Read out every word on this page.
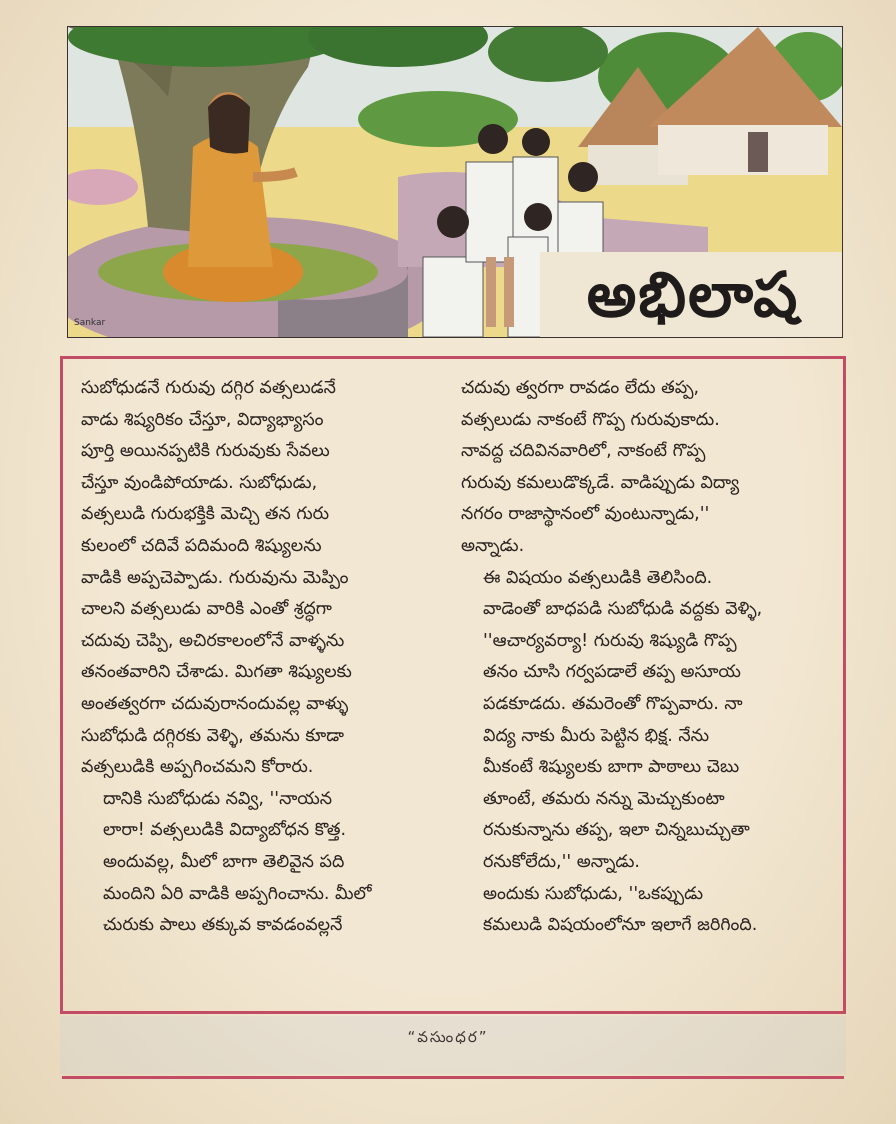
Sankar	అభిలాష

సుబోధుడనే గురువు దగ్గిర వత్సలుడనే
వాడు శిష్యరికం చేస్తూ, విద్యాభ్యాసం
పూర్తి అయినప్పటికి గురువుకు సేవలు
చేస్తూ వుండిపోయాడు. సుబోధుడు,
వత్సలుడి గురుభక్తికి మెచ్చి తన గురు
కులంలో చదివే పదిమంది శిష్యులను
వాడికి అప్పచెప్పాడు. గురువును మెప్పిం
చాలని వత్సలుడు వారికి ఎంతో శ్రద్ధగా
చదువు చెప్పి, అచిరకాలంలోనే వాళ్ళను
తనంతవారిని చేశాడు. మిగతా శిష్యులకు
అంతత్వరగా చదువురానందువల్ల వాళ్ళు
సుబోధుడి దగ్గిరకు వెళ్ళి, తమను కూడా
వత్సలుడికి అప్పగించమని కోరారు.

దానికి సుబోధుడు నవ్వి, ''నాయన
లారా! వత్సలుడికి విద్యాబోధన కొత్త.
అందువల్ల, మీలో బాగా తెలివైన పది
మందిని ఏరి వాడికి అప్పగించాను. మీలో
చురుకు పాలు తక్కువ కావడంవల్లనే

చదువు త్వరగా రావడం లేదు తప్ప,
వత్సలుడు నాకంటే గొప్ప గురువుకాదు.
నావద్ద చదివినవారిలో, నాకంటే గొప్ప
గురువు కమలుడొక్కడే. వాడిప్పుడు విద్యా
నగరం రాజాస్థానంలో వుంటున్నాడు,''
అన్నాడు.

ఈ విషయం వత్సలుడికి తెలిసింది.
వాడెంతో బాధపడి సుబోధుడి వద్దకు వెళ్ళి,
''ఆచార్యవర్యా! గురువు శిష్యుడి గొప్ప
తనం చూసి గర్వపడాలే తప్ప అసూయ
పడకూడదు. తమరెంతో గొప్పవారు. నా
విద్య నాకు మీరు పెట్టిన భిక్ష. నేను
మీకంటే శిష్యులకు బాగా పాఠాలు చెబు
తూంటే, తమరు నన్ను మెచ్చుకుంటా
రనుకున్నాను తప్ప, ఇలా చిన్నబుచ్చుతా
రనుకోలేదు,'' అన్నాడు.

అందుకు సుబోధుడు, ''ఒకప్పుడు
కమలుడి విషయంలోనూ ఇలాగే జరిగింది.

“వసుంధర”
